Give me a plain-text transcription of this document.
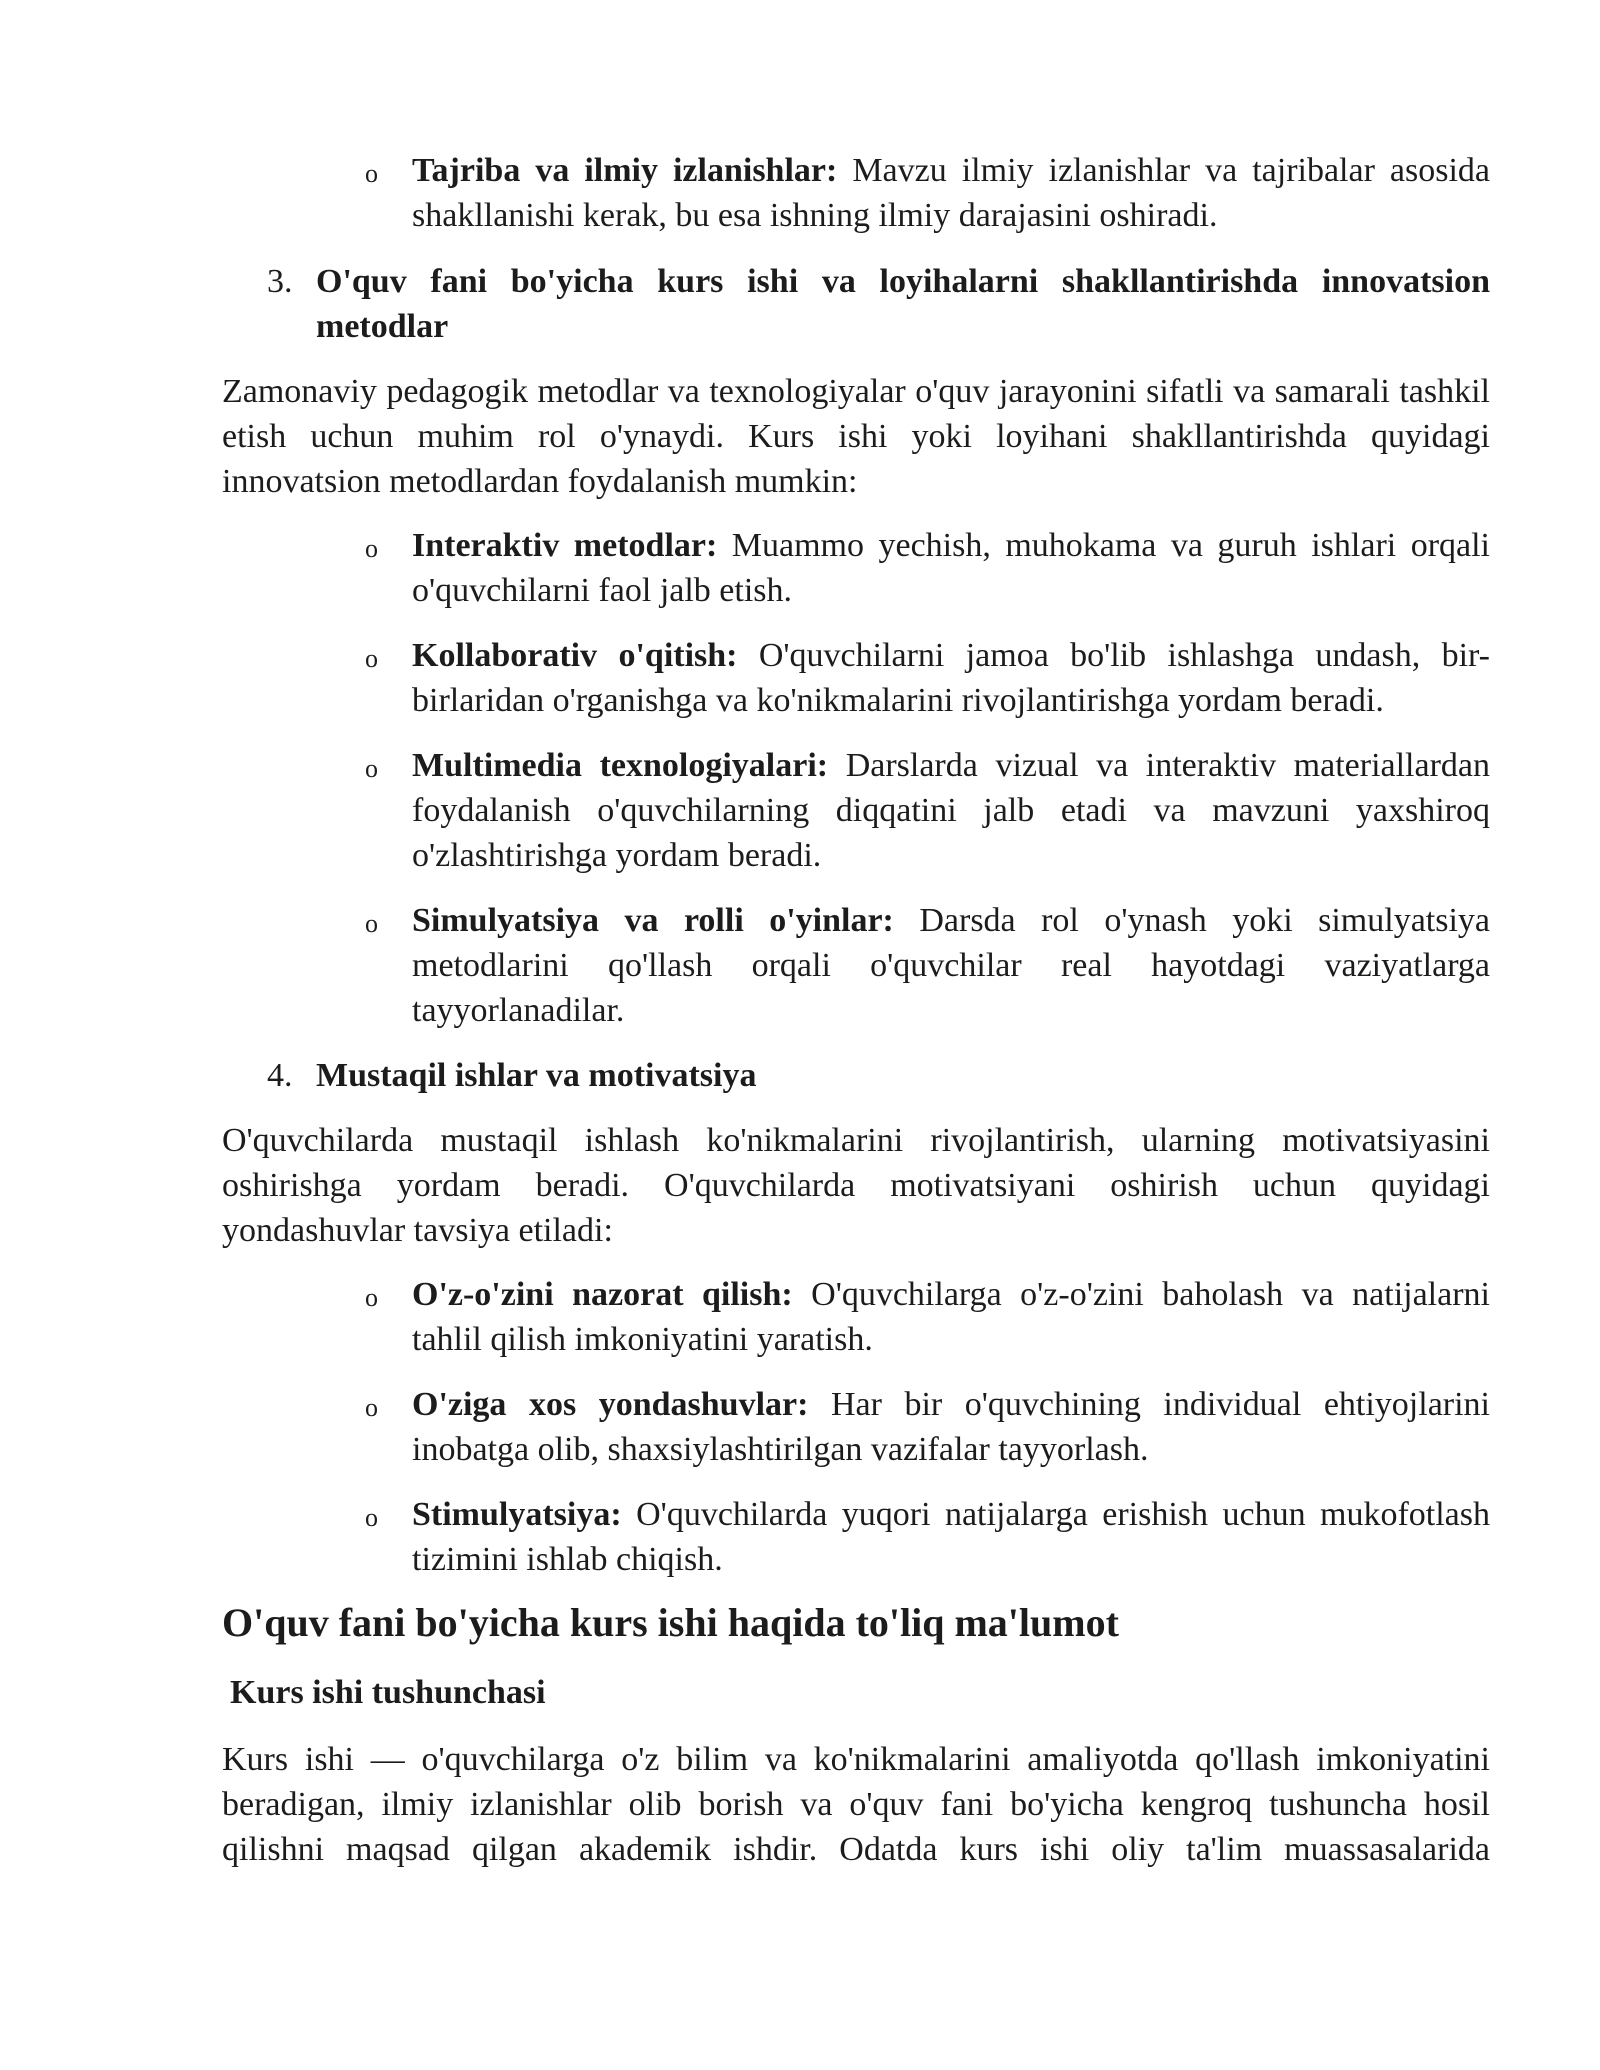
o Tajriba va ilmiy izlanishlar: Mavzu ilmiy izlanishlar va tajribalar asosida shakllanishi kerak, bu esa ishning ilmiy darajasini oshiradi.

3. O'quv fani bo'yicha kurs ishi va loyihalarni shakllantirishda innovatsion metodlar

Zamonaviy pedagogik metodlar va texnologiyalar o'quv jarayonini sifatli va samarali tashkil etish uchun muhim rol o'ynaydi. Kurs ishi yoki loyihani shakllantirishda quyidagi innovatsion metodlardan foydalanish mumkin:

o Interaktiv metodlar: Muammo yechish, muhokama va guruh ishlari orqali o'quvchilarni faol jalb etish.

o Kollaborativ o'qitish: O'quvchilarni jamoa bo'lib ishlashga undash, bir-birlaridan o'rganishga va ko'nikmalarini rivojlantirishga yordam beradi.

o Multimedia texnologiyalari: Darslarda vizual va interaktiv materiallardan foydalanish o'quvchilarning diqqatini jalb etadi va mavzuni yaxshiroq o'zlashtirishga yordam beradi.

o Simulyatsiya va rolli o'yinlar: Darsda rol o'ynash yoki simulyatsiya metodlarini qo'llash orqali o'quvchilar real hayotdagi vaziyatlarga tayyorlanadilar.

4. Mustaqil ishlar va motivatsiya

O'quvchilarda mustaqil ishlash ko'nikmalarini rivojlantirish, ularning motivatsiyasini oshirishga yordam beradi. O'quvchilarda motivatsiyani oshirish uchun quyidagi yondashuvlar tavsiya etiladi:

o O'z-o'zini nazorat qilish: O'quvchilarga o'z-o'zini baholash va natijalarni tahlil qilish imkoniyatini yaratish.

o O'ziga xos yondashuvlar: Har bir o'quvchining individual ehtiyojlarini inobatga olib, shaxsiylashtirilgan vazifalar tayyorlash.

o Stimulyatsiya: O'quvchilarda yuqori natijalarga erishish uchun mukofotlash tizimini ishlab chiqish.

O'quv fani bo'yicha kurs ishi haqida to'liq ma'lumot
Kurs ishi tushunchasi

Kurs ishi — o'quvchilarga o'z bilim va ko'nikmalarini amaliyotda qo'llash imkoniyatini beradigan, ilmiy izlanishlar olib borish va o'quv fani bo'yicha kengroq tushuncha hosil qilishni maqsad qilgan akademik ishdir. Odatda kurs ishi oliy ta'lim muassasalarida
